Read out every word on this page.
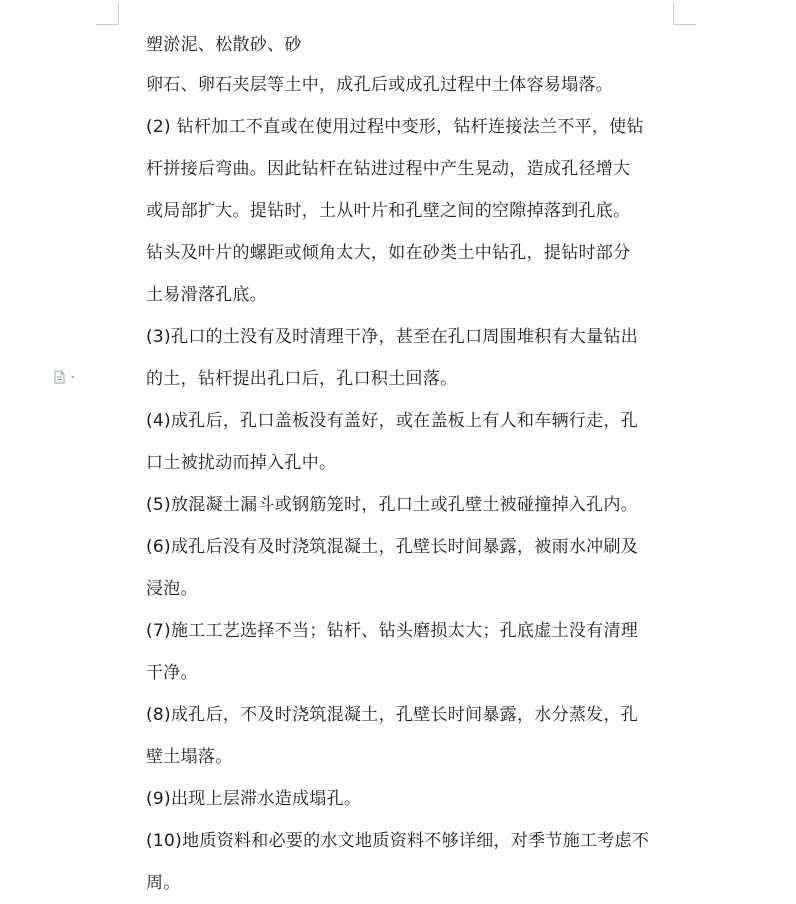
塑淤泥、松散砂、砂
卵石、卵石夹层等土中，成孔后或成孔过程中土体容易塌落。
(2) 钻杆加工不直或在使用过程中变形，钻杆连接法兰不平，使钻
杆拼接后弯曲。因此钻杆在钻进过程中产生晃动，造成孔径增大
或局部扩大。提钻时，土从叶片和孔壁之间的空隙掉落到孔底。
钻头及叶片的螺距或倾角太大，如在砂类土中钻孔，提钻时部分
土易滑落孔底。
(3)孔口的土没有及时清理干净，甚至在孔口周围堆积有大量钻出
的土，钻杆提出孔口后，孔口积土回落。
(4)成孔后，孔口盖板没有盖好，或在盖板上有人和车辆行走，孔
口土被扰动而掉入孔中。
(5)放混凝土漏斗或钢筋笼时，孔口土或孔壁土被碰撞掉入孔内。
(6)成孔后没有及时浇筑混凝土，孔壁长时间暴露，被雨水冲刷及
浸泡。
(7)施工工艺选择不当；钻杆、钻头磨损太大；孔底虚土没有清理
干净。
(8)成孔后，不及时浇筑混凝土，孔壁长时间暴露，水分蒸发，孔
壁土塌落。
(9)出现上层滞水造成塌孔。
(10)地质资料和必要的水文地质资料不够详细，对季节施工考虑不
周。
